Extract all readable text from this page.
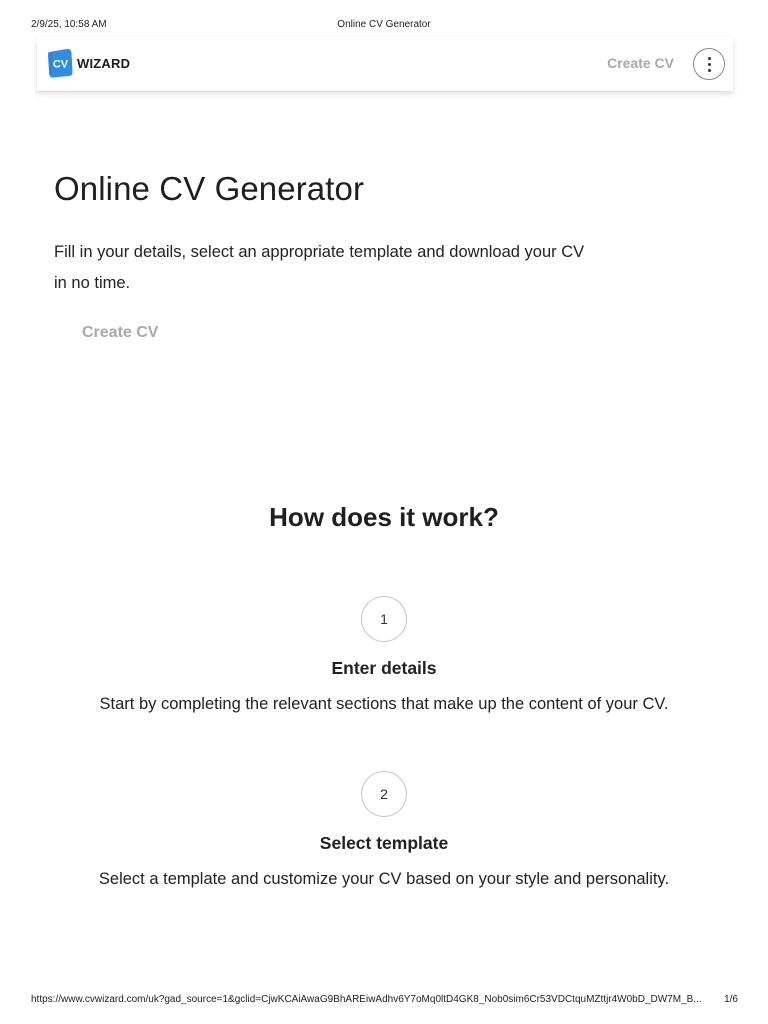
2/9/25, 10:58 AM	Online CV Generator
CV WIZARD	Create CV
Online CV Generator

Fill in your details, select an appropriate template and download your CV in no time.

Create CV
How does it work?
1
Enter details
Start by completing the relevant sections that make up the content of your CV.
2
Select template
Select a template and customize your CV based on your style and personality.
https://www.cvwizard.com/uk?gad_source=1&gclid=CjwKCAiAwaG9BhAREiwAdhv6Y7oMq0ltD4GK8_Nob0sim6Cr53VDCtquMZttjr4W0bD_DW7M_B...	1/6
